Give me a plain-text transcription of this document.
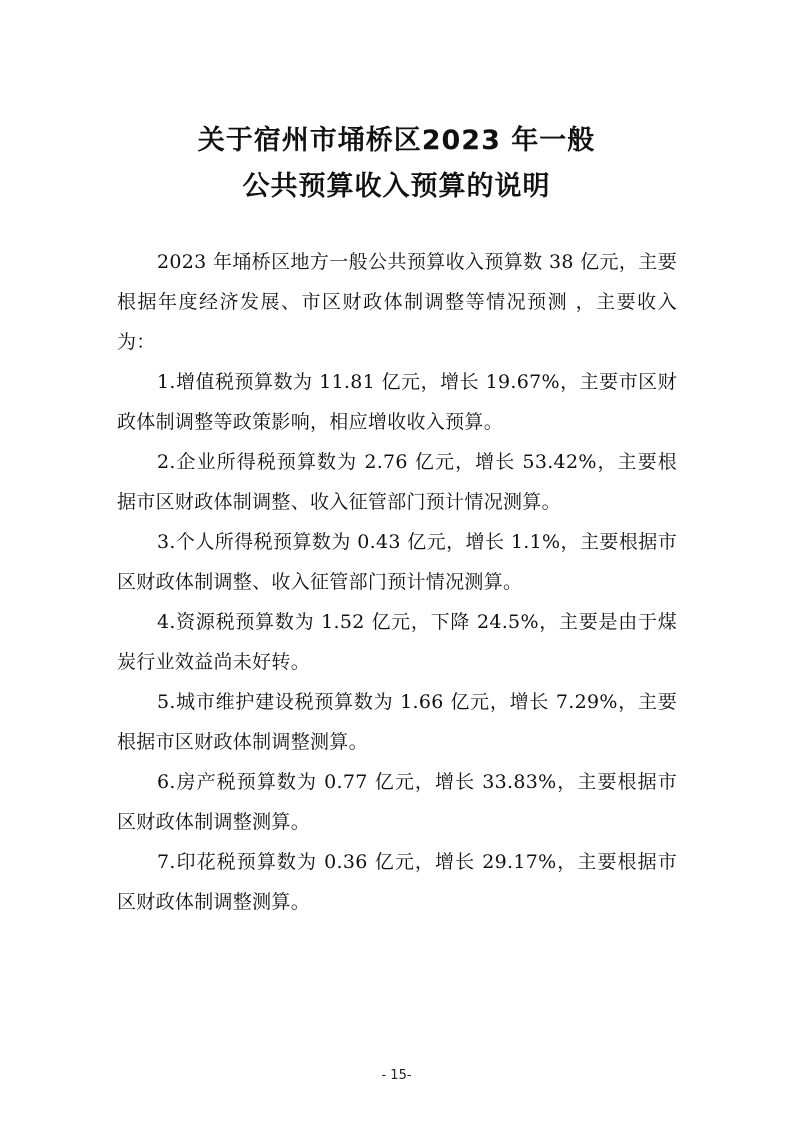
关于宿州市埇桥区2023 年一般
公共预算收入预算的说明

2023 年埇桥区地方一般公共预算收入预算数 38 亿元，主要根据年度经济发展、市区财政体制调整等情况预测 ，主要收入为：

1.增值税预算数为 11.81 亿元，增长 19.67%，主要市区财政体制调整等政策影响，相应增收收入预算。

2.企业所得税预算数为 2.76 亿元，增长 53.42%，主要根据市区财政体制调整、收入征管部门预计情况测算。

3.个人所得税预算数为 0.43 亿元，增长 1.1%，主要根据市区财政体制调整、收入征管部门预计情况测算。

4.资源税预算数为 1.52 亿元，下降 24.5%，主要是由于煤炭行业效益尚未好转。

5.城市维护建设税预算数为 1.66 亿元，增长 7.29%，主要根据市区财政体制调整测算。

6.房产税预算数为 0.77 亿元，增长 33.83%，主要根据市区财政体制调整测算。

7.印花税预算数为 0.36 亿元，增长 29.17%，主要根据市区财政体制调整测算。

- 15-
